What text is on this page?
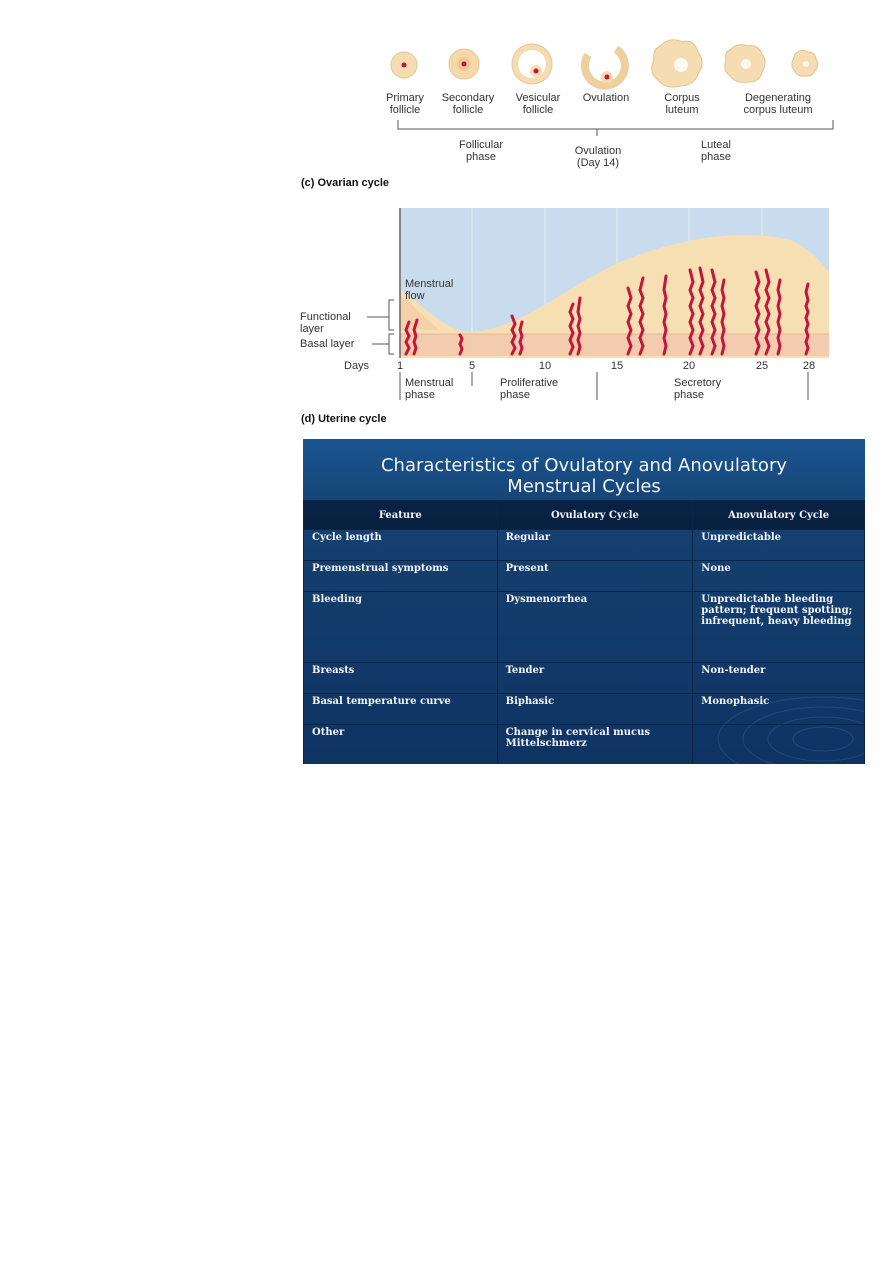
Primary
follicle
Secondary
follicle
Vesicular
follicle
Ovulation	Corpus
luteum
Degenerating
corpus luteum
Follicular
phase	Ovulation
(Day 14)
Luteal
phase
(c) Ovarian cycle
Menstrual
flow
Functional
layer
Basal layer
Days	1	5	10	15	20	25	28
Menstrual
phase
Proliferative
phase
Secretory
phase
(d) Uterine cycle
Characteristics of Ovulatory and Anovulatory
Menstrual Cycles
Feature	Ovulatory Cycle	Anovulatory Cycle
Cycle length	Regular	Unpredictable
Premenstrual symptoms	Present	None
Bleeding	Dysmenorrhea	Unpredictable bleeding pattern; frequent spotting; infrequent, heavy bleeding
Breasts	Tender	Non-tender
Basal temperature curve	Biphasic	Monophasic
Other	Change in cervical mucus Mittelschmerz	
